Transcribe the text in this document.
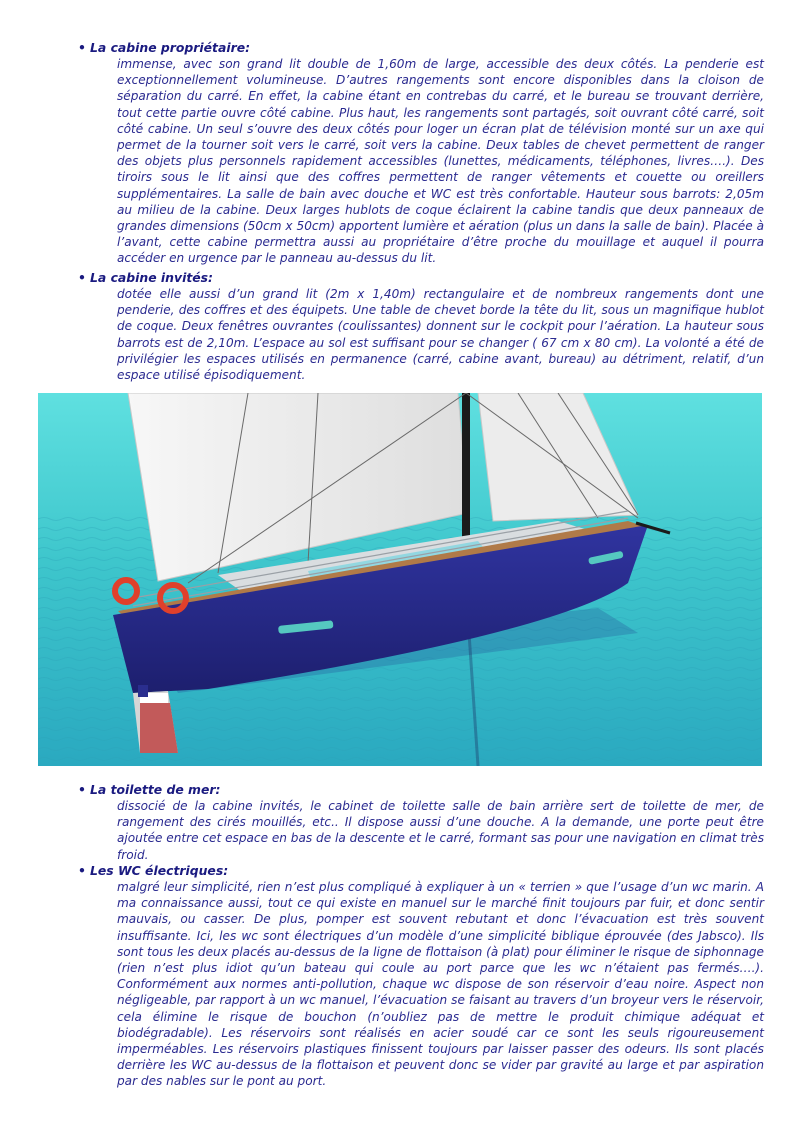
• La cabine propriétaire:
immense, avec son grand lit double de 1,60m de large, accessible des deux côtés. La penderie est exceptionnellement volumineuse. D’autres rangements sont encore disponibles dans la cloison de séparation du carré. En effet, la cabine étant en contrebas du carré, et le bureau se trouvant derrière, tout cette partie ouvre côté cabine. Plus haut, les rangements sont partagés, soit ouvrant côté carré, soit côté cabine. Un seul s’ouvre des deux côtés pour loger un écran plat de télévision monté sur un axe qui permet de la tourner soit vers le carré, soit vers la cabine. Deux tables de chevet permettent de ranger des objets plus personnels rapidement accessibles (lunettes, médicaments, téléphones, livres….). Des tiroirs sous le lit ainsi que des coffres permettent de ranger vêtements et couette ou oreillers supplémentaires. La salle de bain avec douche et WC est très confortable. Hauteur sous barrots: 2,05m au milieu de la cabine. Deux larges hublots de coque éclairent la cabine tandis que deux panneaux de grandes dimensions (50cm x 50cm) apportent lumière et aération (plus un dans la salle de bain). Placée à l’avant, cette cabine permettra aussi au propriétaire d’être proche du mouillage et auquel il pourra accéder en urgence par le panneau au-dessus du lit.
• La cabine invités:
dotée elle aussi d’un grand lit (2m x 1,40m) rectangulaire et de nombreux rangements dont une penderie, des coffres et des équipets. Une table de chevet borde la tête du lit, sous un magnifique hublot de coque. Deux fenêtres ouvrantes (coulissantes) donnent sur le cockpit pour l’aération. La hauteur sous barrots est de 2,10m. L’espace au sol est suffisant pour se changer ( 67 cm x 80 cm). La volonté a été de privilégier les espaces utilisés en permanence (carré, cabine avant, bureau) au détriment, relatif, d’un espace utilisé épisodiquement.
• La toilette de mer:
dissocié de la cabine invités, le cabinet de toilette salle de bain arrière sert de toilette de mer, de rangement des cirés mouillés, etc.. Il dispose aussi d’une douche. A la demande, une porte peut être ajoutée entre cet espace en bas de la descente et le carré, formant sas pour une navigation en climat très froid.
• Les WC électriques:
malgré leur simplicité, rien n’est plus compliqué à expliquer à un « terrien » que l’usage d’un wc marin. A ma connaissance aussi, tout ce qui existe en manuel sur le marché finit toujours par fuir, et donc sentir mauvais, ou casser. De plus, pomper est souvent rebutant et donc l’évacuation est très souvent insuffisante. Ici, les wc sont électriques d’un modèle d’une simplicité biblique éprouvée (des Jabsco). Ils sont tous les deux placés au-dessus de la ligne de flottaison (à plat) pour éliminer le risque de siphonnage (rien n’est plus idiot qu’un bateau qui coule au port parce que les wc n’étaient pas fermés….). Conformément aux normes anti-pollution, chaque wc dispose de son réservoir d’eau noire. Aspect non négligeable, par rapport à un wc manuel, l’évacuation se faisant au travers d’un broyeur vers le réservoir, cela élimine le risque de bouchon (n’oubliez pas de mettre le produit chimique adéquat et biodégradable). Les réservoirs sont réalisés en acier soudé car ce sont les seuls rigoureusement imperméables. Les réservoirs plastiques finissent toujours par laisser passer des odeurs. Ils sont placés derrière les WC au-dessus de la flottaison et peuvent donc se vider par gravité au large et par aspiration par des nables sur le pont au port.
